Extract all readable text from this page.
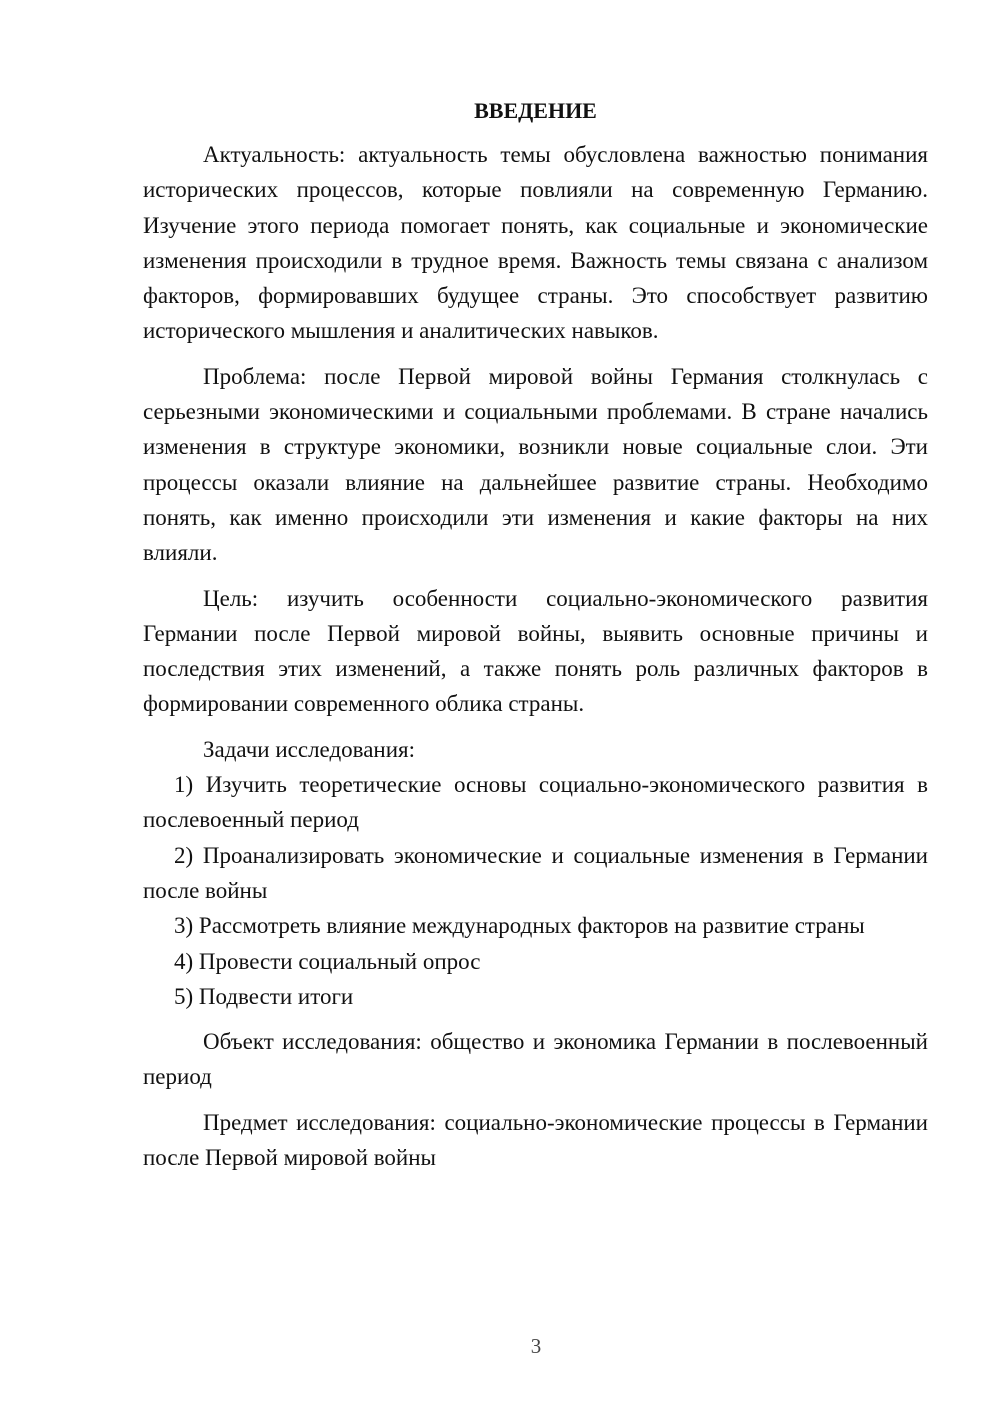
ВВЕДЕНИЕ

Актуальность: актуальность темы обусловлена важностью понимания исторических процессов, которые повлияли на современную Германию. Изучение этого периода помогает понять, как социальные и экономические изменения происходили в трудное время. Важность темы связана с анализом факторов, формировавших будущее страны. Это способствует развитию исторического мышления и аналитических навыков.

Проблема: после Первой мировой войны Германия столкнулась с серьезными экономическими и социальными проблемами. В стране начались изменения в структуре экономики, возникли новые социальные слои. Эти процессы оказали влияние на дальнейшее развитие страны. Необходимо понять, как именно происходили эти изменения и какие факторы на них влияли.

Цель: изучить особенности социально-экономического развития Германии после Первой мировой войны, выявить основные причины и последствия этих изменений, а также понять роль различных факторов в формировании современного облика страны.

Задачи исследования:

1) Изучить теоретические основы социально-экономического развития в послевоенный период

2) Проанализировать экономические и социальные изменения в Германии после войны

3) Рассмотреть влияние международных факторов на развитие страны

4) Провести социальный опрос

5) Подвести итоги

Объект исследования: общество и экономика Германии в послевоенный период

Предмет исследования: социально-экономические процессы в Германии после Первой мировой войны

3
